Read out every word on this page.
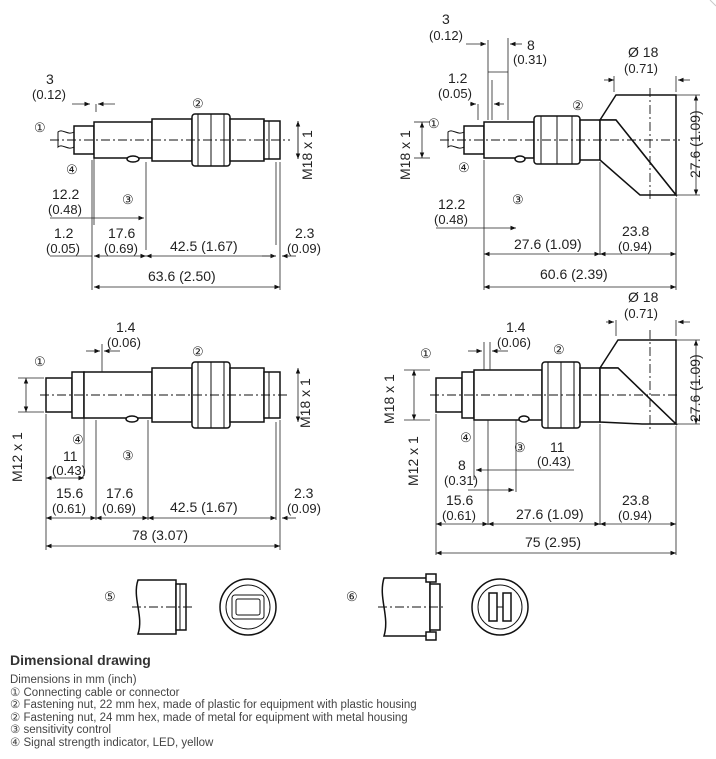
3
(0.12)
M18 x 1
12.2
(0.48)
1.2
(0.05)
17.6
(0.69) 42.5 (1.67)
2.3
(0.09)
63.6 (2.50)
①
④
②
③
3
(0.12)
8
(0.31)	Ø 18
(0.71)
1.2
(0.05)
M18 x 1	27.6 (1.09)
12.2
(0.48)
23.8
(0.94)
27.6 (1.09)
60.6 (2.39)
①
④
②
③
1.4
(0.06)
M12 x 1
M18 x 1
11
(0.43)
15.6
(0.61)
17.6
(0.69) 42.5 (1.67)
2.3
(0.09)
78 (3.07)
①
④
②
③
Ø 18
(0.71)
1.4
(0.06)
M18 x 1
M12 x 1
27.6 (1.09)
11
(0.43)
8
(0.31)
15.6
(0.61)	27.6 (1.09)
23.8
(0.94)
75 (2.95)
①
④
②
③
⑤	⑥
Dimensional drawing
Dimensions in mm (inch)
① Connecting cable or connector
② Fastening nut, 22 mm hex, made of plastic for equipment with plastic housing
② Fastening nut, 24 mm hex, made of metal for equipment with metal housing
③ sensitivity control
④ Signal strength indicator, LED, yellow
